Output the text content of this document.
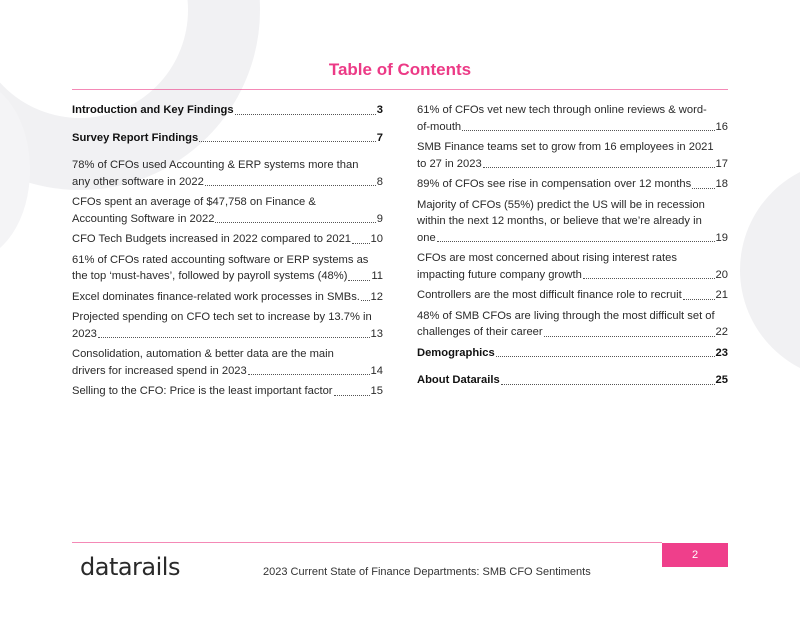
Table of Contents
Introduction and Key Findings	3
Survey Report Findings	7
78% of CFOs used Accounting & ERP systems more than
any other software in 2022	8
CFOs spent an average of $47,758 on Finance &
Accounting Software in 2022	9
CFO Tech Budgets increased in 2022 compared to 2021 10
61% of CFOs rated accounting software or ERP systems as
the top ‘must-haves’, followed by payroll systems (48%) 11
Excel dominates finance-related work processes in SMBs. 12
Projected spending on CFO tech set to increase by 13.7% in
2023	13
Consolidation, automation & better data are the main
drivers for increased spend in 2023	14
Selling to the CFO: Price is the least important factor	15
61% of CFOs vet new tech through online reviews & word-
of-mouth	16
SMB Finance teams set to grow from 16 employees in 2021
to 27 in 2023	17
89% of CFOs see rise in compensation over 12 months 18
Majority of CFOs (55%) predict the US will be in recession
within the next 12 months, or believe that we’re already in
one	19
CFOs are most concerned about rising interest rates
impacting future company growth	20
Controllers are the most difficult finance role to recruit	21
48% of SMB CFOs are living through the most difficult set of
challenges of their career	22
Demographics	23
About Datarails	25
2
datarails	2023 Current State of Finance Departments: SMB CFO Sentiments
